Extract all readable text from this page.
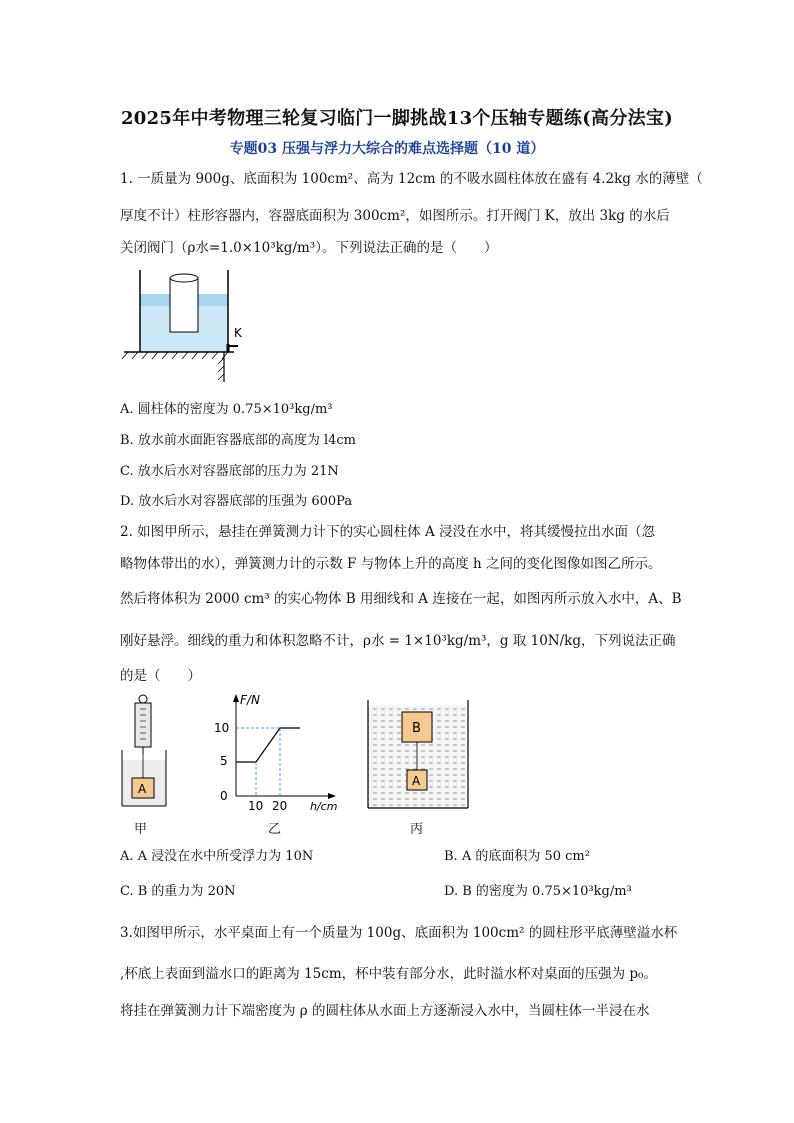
2025年中考物理三轮复习临门一脚挑战13个压轴专题练(高分法宝)
专题03 压强与浮力大综合的难点选择题（10 道）
1. 一质量为 900g、底面积为 100cm²、高为 12cm 的不吸水圆柱体放在盛有 4.2kg 水的薄壁（
厚度不计）柱形容器内，容器底面积为 300cm²，如图所示。打开阀门 K，放出 3kg 的水后
关闭阀门（ρ水=1.0×10³kg/m³）。下列说法正确的是（　　）
K
A. 圆柱体的密度为 0.75×10³kg/m³
B. 放水前水面距容器底部的高度为 l4cm
C. 放水后水对容器底部的压力为 21N
D. 放水后水对容器底部的压强为 600Pa
2. 如图甲所示，悬挂在弹簧测力计下的实心圆柱体 A 浸没在水中，将其缓慢拉出水面（忽
略物体带出的水），弹簧测力计的示数 F 与物体上升的高度 h 之间的变化图像如图乙所示。
然后将体积为 2000 cm³ 的实心物体 B 用细线和 A 连接在一起，如图丙所示放入水中，A、B
刚好悬浮。细线的重力和体积忽略不计，ρ水 = 1×10³kg/m³，g 取 10N/kg，下列说法正确
的是（　　）
A
甲
F/N
h/cm
10
5
0
10 20
乙
B
A
丙
A. A 浸没在水中所受浮力为 10N	B. A 的底面积为 50 cm²
C. B 的重力为 20N	D. B 的密度为 0.75×10³kg/m³
3.如图甲所示，水平桌面上有一个质量为 100g、底面积为 100cm² 的圆柱形平底薄壁溢水杯
,杯底上表面到溢水口的距离为 15cm，杯中装有部分水，此时溢水杯对桌面的压强为 p₀。
将挂在弹簧测力计下端密度为 ρ 的圆柱体从水面上方逐渐浸入水中，当圆柱体一半浸在水
